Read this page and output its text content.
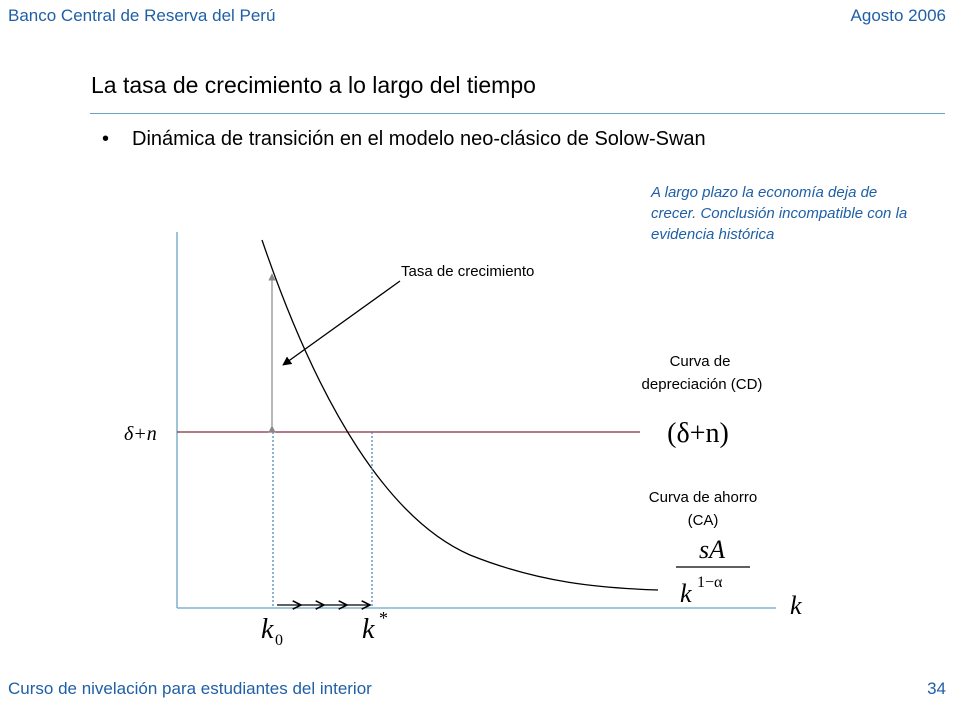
Banco Central de Reserva del Perú	Agosto 2006
La tasa de crecimiento a lo largo del tiempo
• Dinámica de transición en el modelo neo-clásico de Solow-Swan
A largo plazo la economía deja de crecer. Conclusión incompatible con la evidencia histórica
Tasa de crecimiento
Curva de
depreciación (CD)
(δ+n)
Curva de ahorro
(CA)
sA
k 1−α
δ+n
k
k 0	k *
Curso de nivelación para estudiantes del interior	34
